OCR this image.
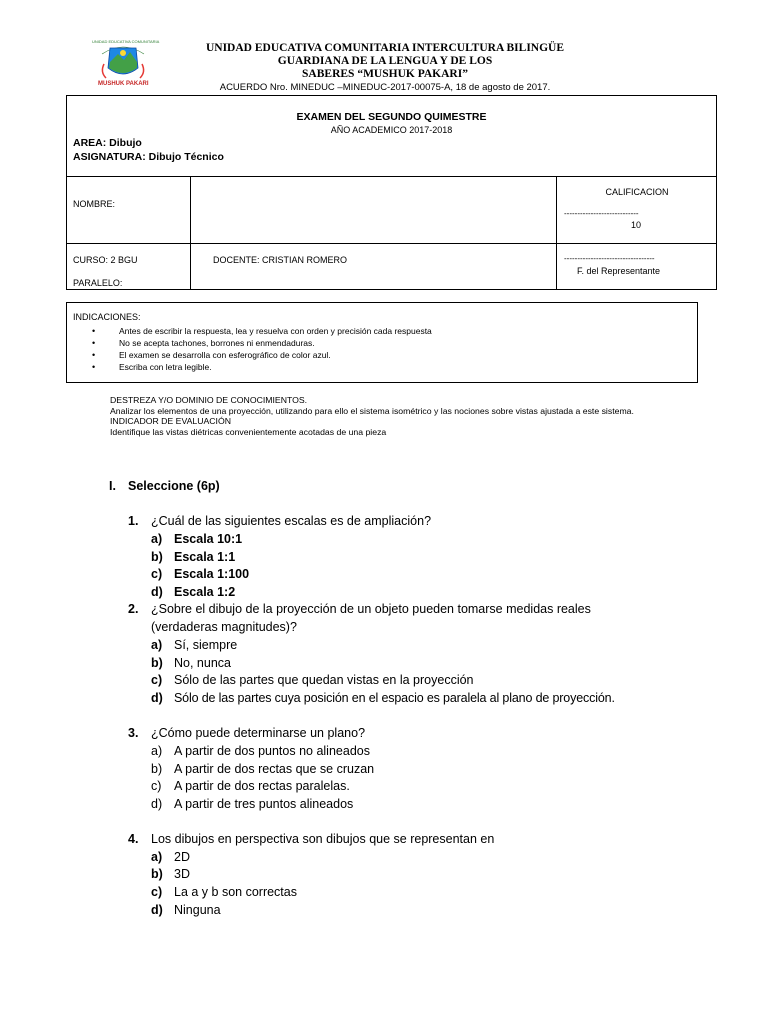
UNIDAD EDUCATIVA COMUNITARIA
MUSHUK PAKARI
UNIDAD EDUCATIVA COMUNITARIA INTERCULTURA BILINGÜE
GUARDIANA DE LA LENGUA Y DE LOS
SABERES “MUSHUK PAKARI”
ACUERDO Nro. MINEDUC –MINEDUC-2017-00075-A, 18 de agosto de 2017.
EXAMEN DEL SEGUNDO QUIMESTRE
AÑO ACADEMICO 2017-2018
AREA: Dibujo
ASIGNATURA: Dibujo Técnico
NOMBRE:
CALIFICACION
----------------------------
10
CURSO: 2 BGU	DOCENTE: CRISTIAN ROMERO
PARALELO:
----------------------------------
F. del Representante
INDICACIONES:
• Antes de escribir la respuesta, lea y resuelva con orden y precisión cada respuesta
• No se acepta tachones, borrones ni enmendaduras.
• El examen se desarrolla con esferográfico de color azul.
• Escriba con letra legible.
DESTREZA Y/O DOMINIO DE CONOCIMIENTOS.
Analizar los elementos de una proyección, utilizando para ello el sistema isométrico y las nociones sobre vistas ajustada a este sistema.
INDICADOR DE EVALUACIÓN
Identifique las vistas diétricas convenientemente acotadas de una pieza
I. Seleccione (6p)
1. ¿Cuál de las siguientes escalas es de ampliación?
a) Escala 10:1
b) Escala 1:1
c) Escala 1:100
d) Escala 1:2
2. ¿Sobre el dibujo de la proyección de un objeto pueden tomarse medidas reales
(verdaderas magnitudes)?
a) Sí, siempre
b) No, nunca
c) Sólo de las partes que quedan vistas en la proyección
d) Sólo de las partes cuya posición en el espacio es paralela al plano de proyección.
3. ¿Cómo puede determinarse un plano?
a) A partir de dos puntos no alineados
b) A partir de dos rectas que se cruzan
c) A partir de dos rectas paralelas.
d) A partir de tres puntos alineados
4. Los dibujos en perspectiva son dibujos que se representan en
a) 2D
b) 3D
c) La a y b son correctas
d) Ninguna
